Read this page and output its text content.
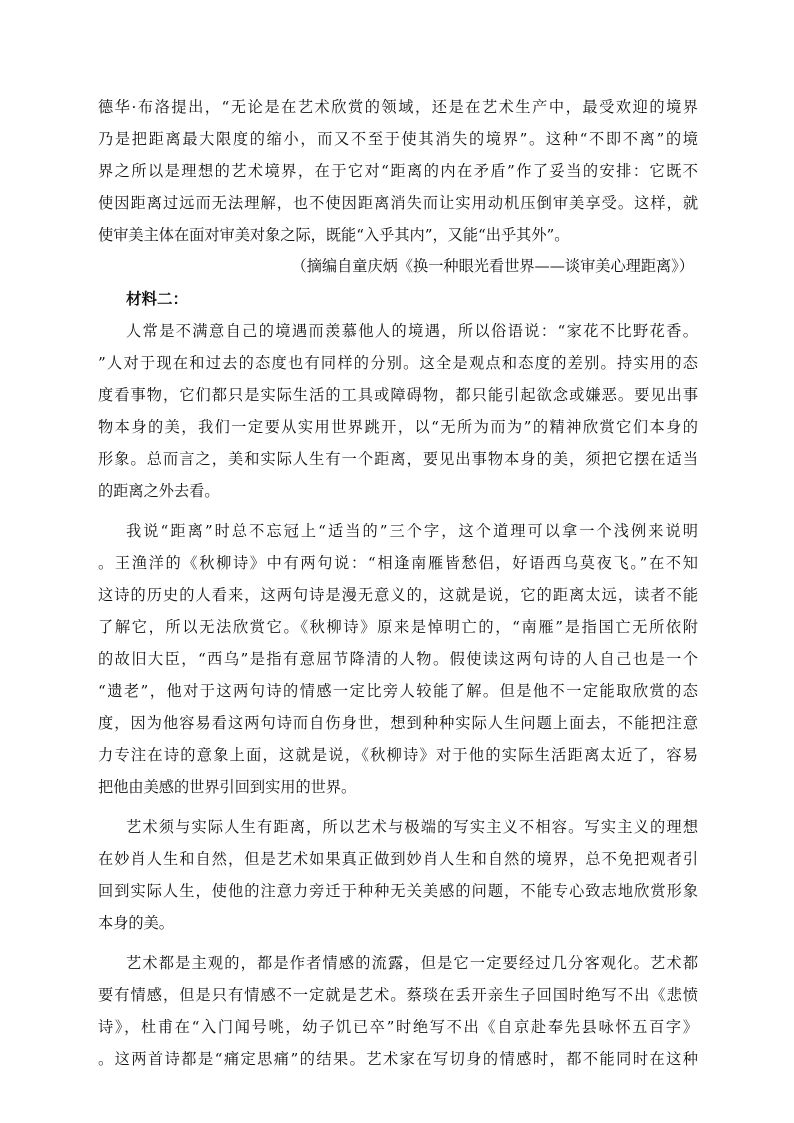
德华·布洛提出，“无论是在艺术欣赏的领域，还是在艺术生产中，最受欢迎的境界
乃是把距离最大限度的缩小，而又不至于使其消失的境界”。这种“不即不离”的境
界之所以是理想的艺术境界，在于它对“距离的内在矛盾”作了妥当的安排：它既不
使因距离过远而无法理解，也不使因距离消失而让实用动机压倒审美享受。这样，就
使审美主体在面对审美对象之际，既能“入乎其内”，又能“出乎其外”。
（摘编自童庆炳《换一种眼光看世界——谈审美心理距离》）
材料二：
人常是不满意自己的境遇而羡慕他人的境遇，所以俗语说：“家花不比野花香。
”人对于现在和过去的态度也有同样的分别。这全是观点和态度的差别。持实用的态
度看事物，它们都只是实际生活的工具或障碍物，都只能引起欲念或嫌恶。要见出事
物本身的美，我们一定要从实用世界跳开，以“无所为而为”的精神欣赏它们本身的
形象。总而言之，美和实际人生有一个距离，要见出事物本身的美，须把它摆在适当
的距离之外去看。
我说“距离”时总不忘冠上“适当的”三个字，这个道理可以拿一个浅例来说明
。王渔洋的《秋柳诗》中有两句说：“相逢南雁皆愁侣，好语西乌莫夜飞。”在不知
这诗的历史的人看来，这两句诗是漫无意义的，这就是说，它的距离太远，读者不能
了解它，所以无法欣赏它。《秋柳诗》原来是悼明亡的，“南雁”是指国亡无所依附
的故旧大臣，“西乌”是指有意屈节降清的人物。假使读这两句诗的人自己也是一个
“遗老”，他对于这两句诗的情感一定比旁人较能了解。但是他不一定能取欣赏的态
度，因为他容易看这两句诗而自伤身世，想到种种实际人生问题上面去，不能把注意
力专注在诗的意象上面，这就是说，《秋柳诗》对于他的实际生活距离太近了，容易
把他由美感的世界引回到实用的世界。
艺术须与实际人生有距离，所以艺术与极端的写实主义不相容。写实主义的理想
在妙肖人生和自然，但是艺术如果真正做到妙肖人生和自然的境界，总不免把观者引
回到实际人生，使他的注意力旁迁于种种无关美感的问题，不能专心致志地欣赏形象
本身的美。
艺术都是主观的，都是作者情感的流露，但是它一定要经过几分客观化。艺术都
要有情感，但是只有情感不一定就是艺术。蔡琰在丢开亲生子回国时绝写不出《悲愤
诗》，杜甫在“入门闻号咷，幼子饥已卒”时绝写不出《自京赴奉先县咏怀五百字》
。这两首诗都是“痛定思痛”的结果。艺术家在写切身的情感时，都不能同时在这种
